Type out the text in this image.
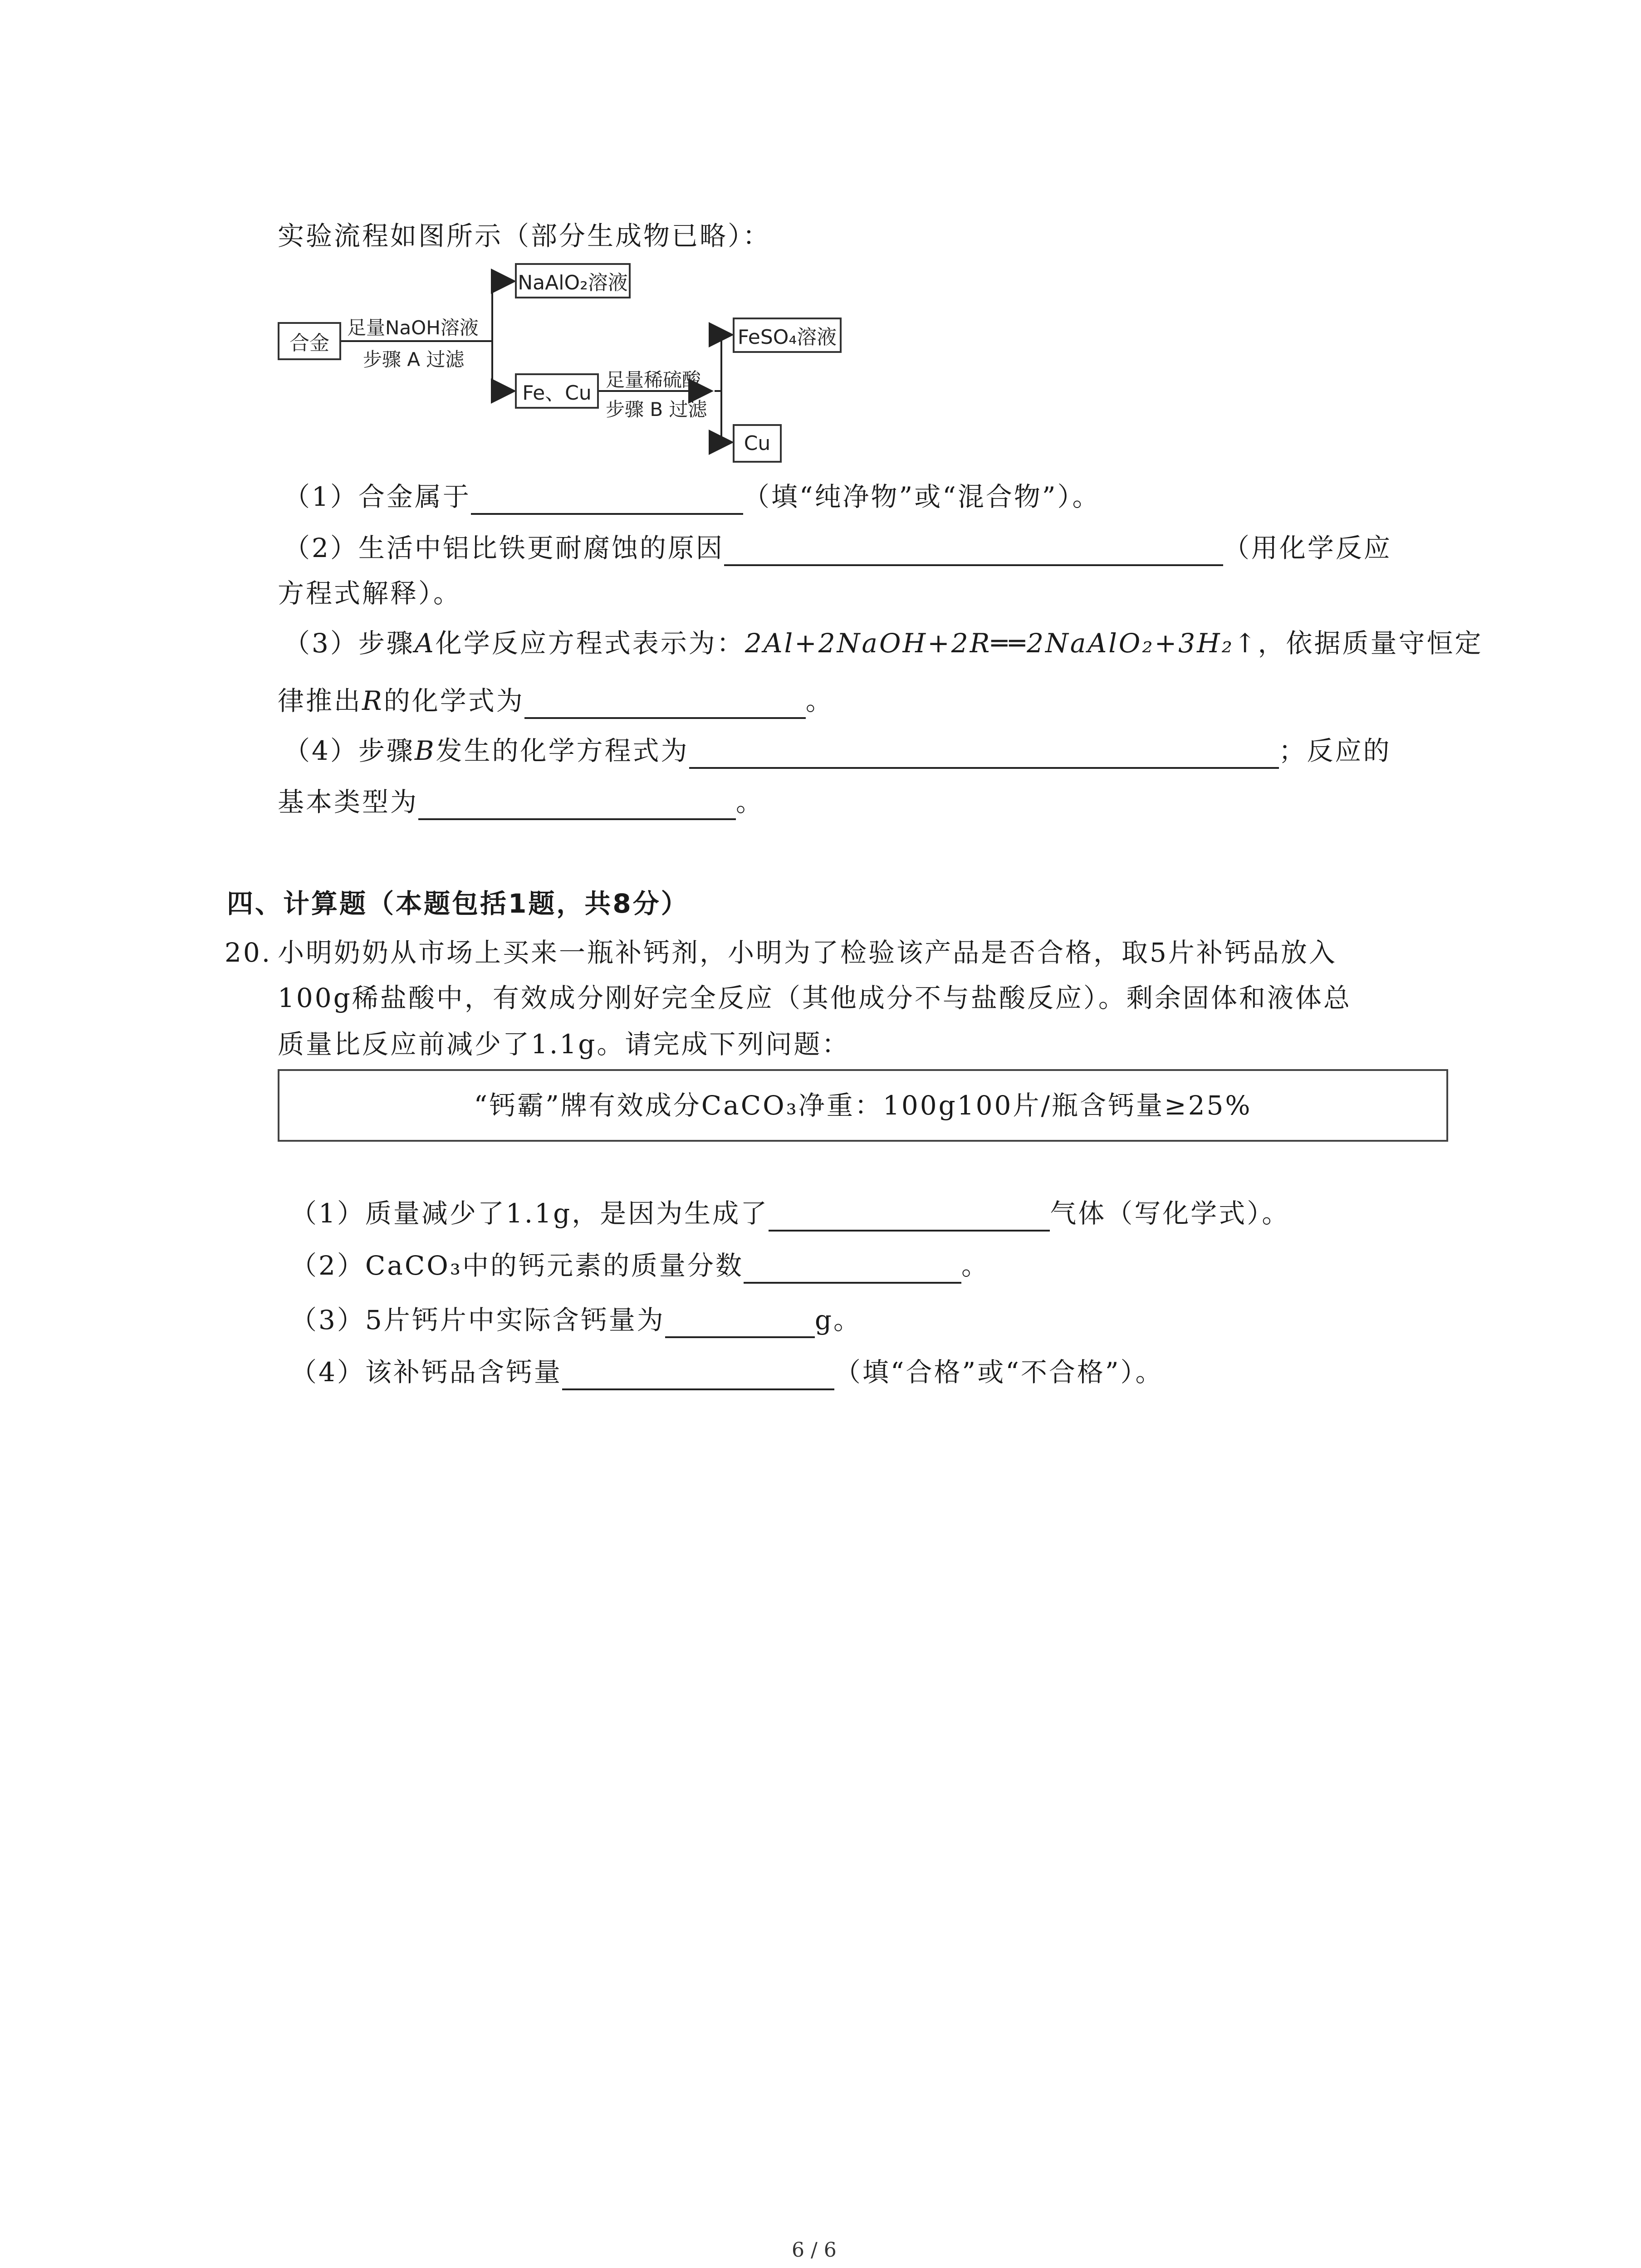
实验流程如图所示（部分生成物已略）：
合金
足量NaOH溶液
步骤 A 过滤
NaAlO₂溶液
Fe、Cu
足量稀硫酸
步骤 B 过滤
FeSO₄溶液
Cu
（1）合金属于	（填“纯净物”或“混合物”）。
（2）生活中铝比铁更耐腐蚀的原因	（用化学反应
方程式解释）。
（3）步骤A化学反应方程式表示为：2Al+2NaOH+2R══2NaAlO₂+3H₂↑，依据质量守恒定
律推出R的化学式为	。
（4）步骤B发生的化学方程式为	；反应的
基本类型为	。
四、计算题（本题包括1题，共8分）
20. 小明奶奶从市场上买来一瓶补钙剂，小明为了检验该产品是否合格，取5片补钙品放入
100g稀盐酸中，有效成分刚好完全反应（其他成分不与盐酸反应）。剩余固体和液体总
质量比反应前减少了1.1g。请完成下列问题：
“钙霸”牌有效成分CaCO₃净重：100g100片/瓶含钙量≥25%
（1）质量减少了1.1g，是因为生成了	气体（写化学式）。
（2）CaCO₃中的钙元素的质量分数	。
（3）5片钙片中实际含钙量为	g。
（4）该补钙品含钙量	（填“合格”或“不合格”）。
6 / 6
